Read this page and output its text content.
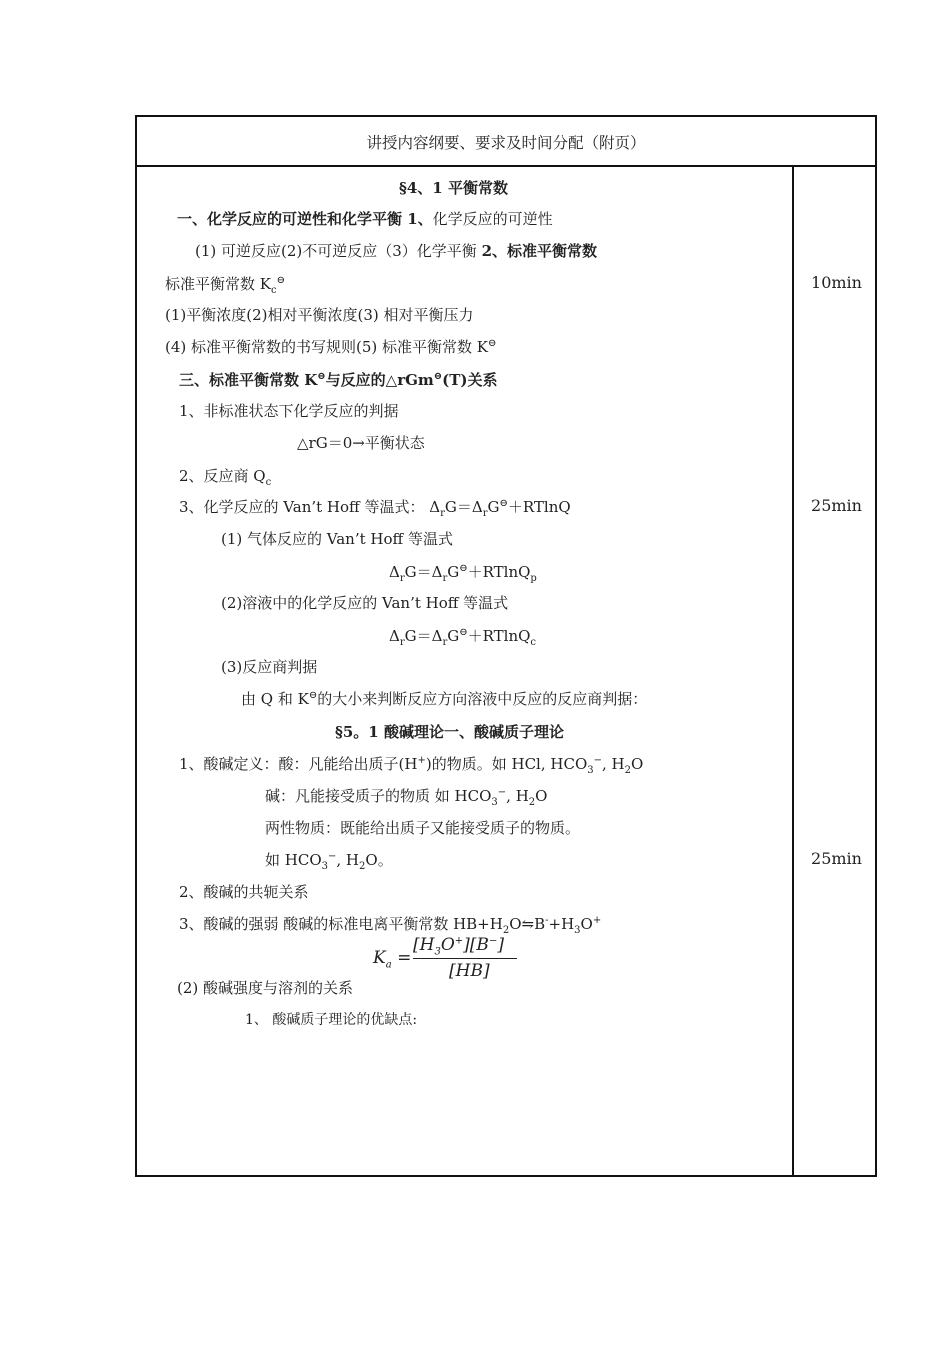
讲授内容纲要、要求及时间分配（附页）
10min
25min
25min
§4、1 平衡常数
一、化学反应的可逆性和化学平衡 1、化学反应的可逆性
(1) 可逆反应(2)不可逆反应（3）化学平衡 2、标准平衡常数
标准平衡常数 $K_c^⊖$
(1)平衡浓度(2)相对平衡浓度(3) 相对平衡压力
(4) 标准平衡常数的书写规则(5) 标准平衡常数 K⊖
三、标准平衡常数 K⊖与反应的△rGm⊖(T)关系
1、非标准状态下化学反应的判据
△rG＝0→平衡状态
2、反应商 $Q_c$
3、化学反应的 Van’t Hoff 等温式： $\Delta_rG=\Delta_rG^⊖+RTlnQ$
(1) 气体反应的 Van’t Hoff 等温式
$\Delta_rG=\Delta_rG^⊖+RTlnQ_p$
(2)溶液中的化学反应的 Van’t Hoff 等温式
$\Delta_rG=\Delta_rG^⊖+RTlnQ_c$
(3)反应商判据
由 Q 和 K⊖的大小来判断反应方向溶液中反应的反应商判据：
§5。1 酸碱理论一、酸碱质子理论
1、酸碱定义：酸：凡能给出质子(H+)的物质。如 HCl, $HCO_3^-$, $H_2O$
碱：凡能接受质子的物质 如 $HCO_3^-$, $H_2O$
两性物质：既能给出质子又能接受质子的物质。
如 $HCO_3^-$, $H_2O$。
2、酸碱的共轭关系
3、酸碱的强弱 酸碱的标准电离平衡常数 $HB+H_2O⇋B^-+H_3O^+$
$K_a$ =
$[H_3O^+][B^-]$
[HB]
(2) 酸碱强度与溶剂的关系
1、 酸碱质子理论的优缺点:
